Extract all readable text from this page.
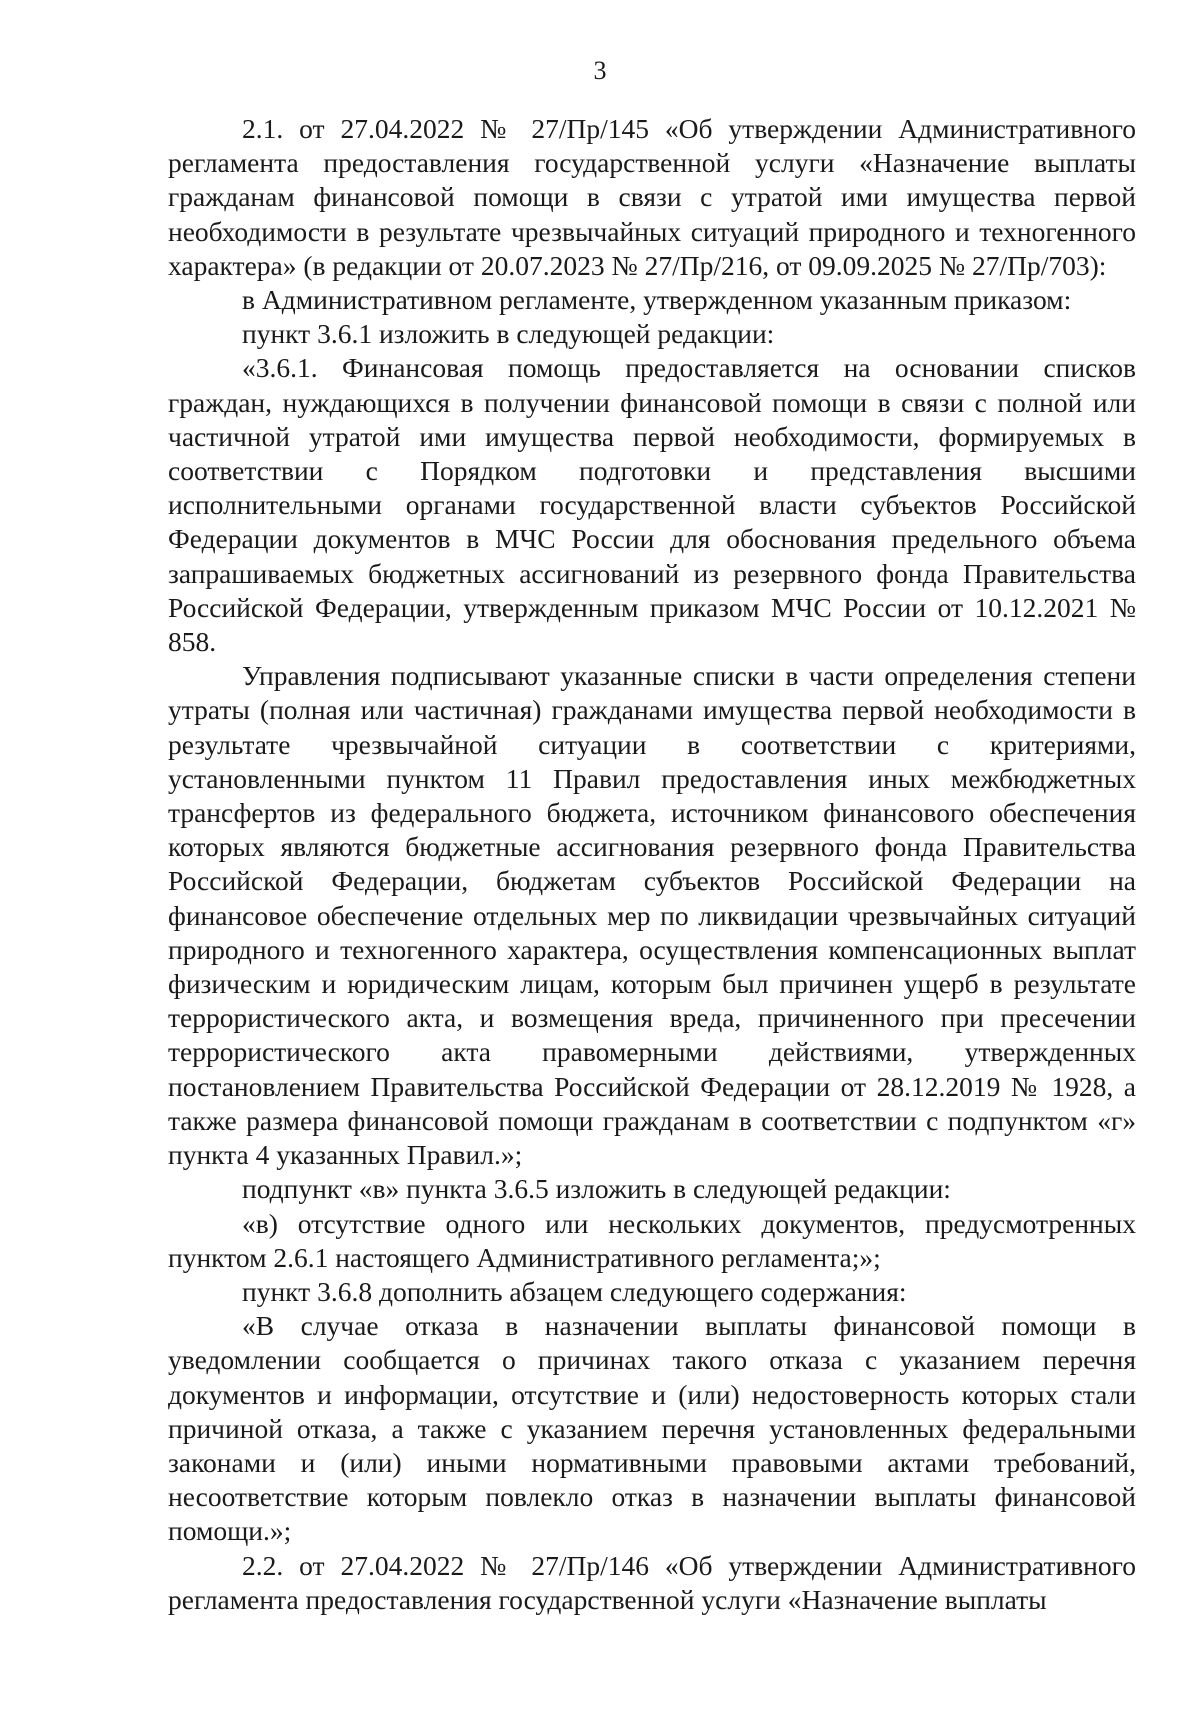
3

2.1. от 27.04.2022 № 27/Пр/145 «Об утверждении Административного регламента предоставления государственной услуги «Назначение выплаты гражданам финансовой помощи в связи с утратой ими имущества первой необходимости в результате чрезвычайных ситуаций природного и техногенного характера» (в редакции от 20.07.2023 № 27/Пр/216, от 09.09.2025 № 27/Пр/703):

в Административном регламенте, утвержденном указанным приказом:

пункт 3.6.1 изложить в следующей редакции:

«3.6.1. Финансовая помощь предоставляется на основании списков граждан, нуждающихся в получении финансовой помощи в связи с полной или частичной утратой ими имущества первой необходимости, формируемых в соответствии с Порядком подготовки и представления высшими исполнительными органами государственной власти субъектов Российской Федерации документов в МЧС России для обоснования предельного объема запрашиваемых бюджетных ассигнований из резервного фонда Правительства Российской Федерации, утвержденным приказом МЧС России от 10.12.2021 № 858.

Управления подписывают указанные списки в части определения степени утраты (полная или частичная) гражданами имущества первой необходимости в результате чрезвычайной ситуации в соответствии с критериями, установленными пунктом 11 Правил предоставления иных межбюджетных трансфертов из федерального бюджета, источником финансового обеспечения которых являются бюджетные ассигнования резервного фонда Правительства Российской Федерации, бюджетам субъектов Российской Федерации на финансовое обеспечение отдельных мер по ликвидации чрезвычайных ситуаций природного и техногенного характера, осуществления компенсационных выплат физическим и юридическим лицам, которым был причинен ущерб в результате террористического акта, и возмещения вреда, причиненного при пресечении террористического акта правомерными действиями, утвержденных постановлением Правительства Российской Федерации от 28.12.2019 № 1928, а также размера финансовой помощи гражданам в соответствии с подпунктом «г» пункта 4 указанных Правил.»;

подпункт «в» пункта 3.6.5 изложить в следующей редакции:

«в) отсутствие одного или нескольких документов, предусмотренных пунктом 2.6.1 настоящего Административного регламента;»;

пункт 3.6.8 дополнить абзацем следующего содержания:

«В случае отказа в назначении выплаты финансовой помощи в уведомлении сообщается о причинах такого отказа с указанием перечня документов и информации, отсутствие и (или) недостоверность которых стали причиной отказа, а также с указанием перечня установленных федеральными законами и (или) иными нормативными правовыми актами требований, несоответствие которым повлекло отказ в назначении выплаты финансовой помощи.»;

2.2. от 27.04.2022 № 27/Пр/146 «Об утверждении Административного регламента предоставления государственной услуги «Назначение выплаты
